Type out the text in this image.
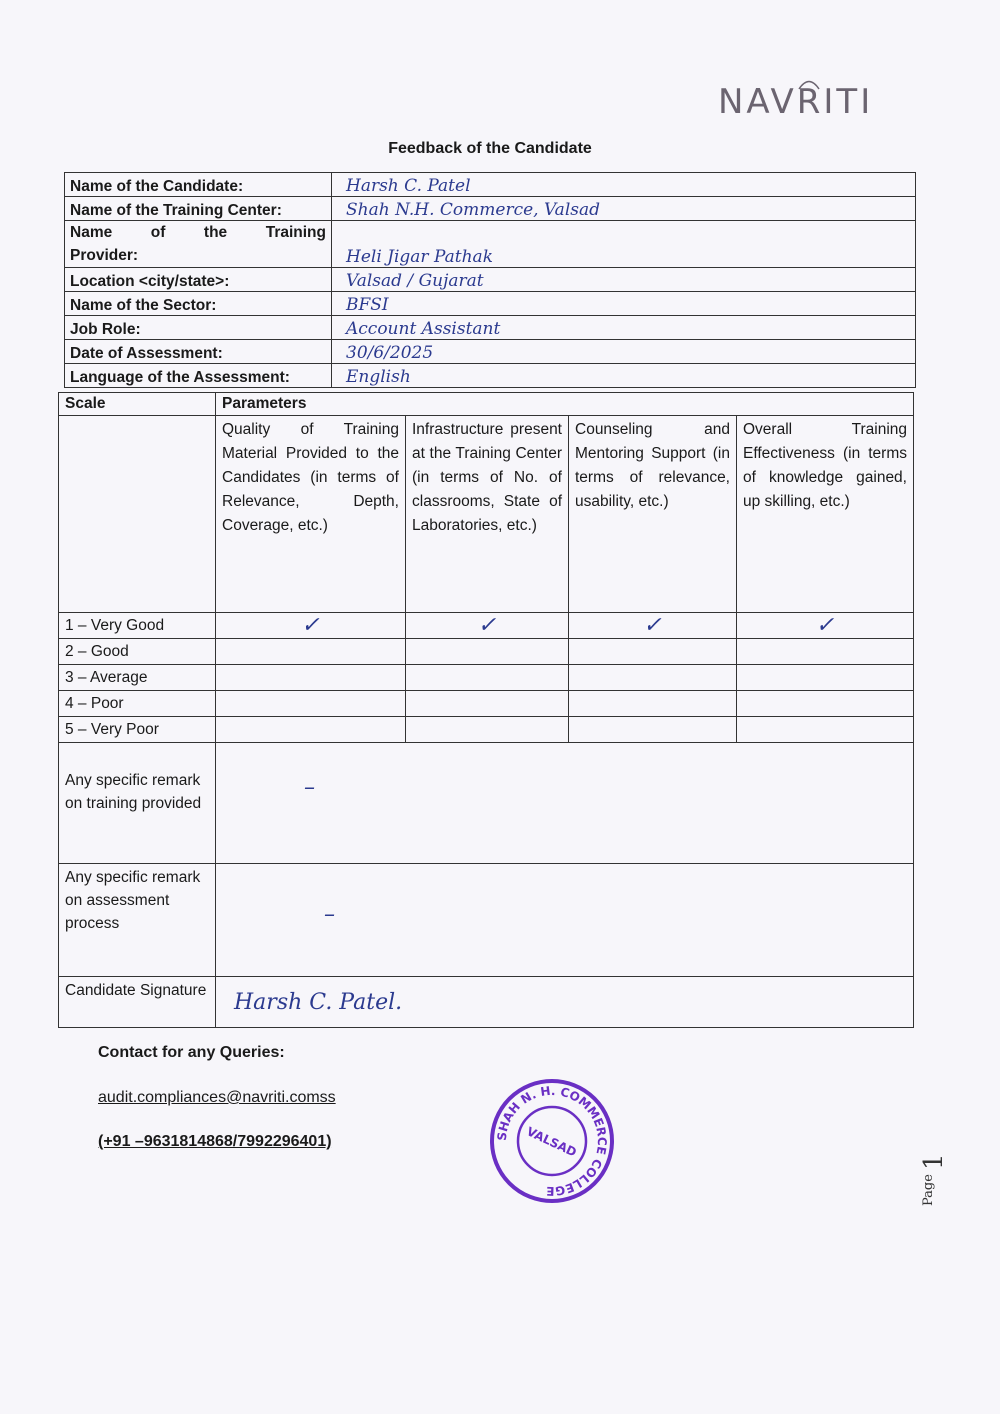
NAVRITI
Feedback of the Candidate
Name of the Candidate:	Harsh C. Patel
Name of the Training Center:	Shah N.H. Commerce, Valsad

Name of the Training
Provider:	Heli Jigar Pathak
Location <city/state>:	Valsad / Gujarat
Name of the Sector:	BFSI
Job Role:	Account Assistant
Date of Assessment:	30/6/2025
Language of the Assessment:	English
Scale	Parameters			
	Quality of Training Material Provided to the Candidates (in terms of Relevance, Depth, Coverage, etc.)	Infrastructure present at the Training Center (in terms of No. of classrooms, State of Laboratories, etc.)	Counseling and Mentoring Support (in terms of relevance, usability, etc.)	Overall Training Effectiveness (in terms of knowledge gained, up skilling, etc.)
1 – Very Good	✓	✓	✓	✓
2 – Good				
3 – Average				
4 – Poor				
5 – Very Poor				
Any specific remark on training provided	–			
Any specific remark on assessment process	–			
Candidate Signature	Harsh C. Patel.			
Contact for any Queries:
audit.compliances@navriti.comss
(+91 –9631814868/7992296401)	SHAH N. H. COMMERCE COLLEGE
VALSAD
Page
1
